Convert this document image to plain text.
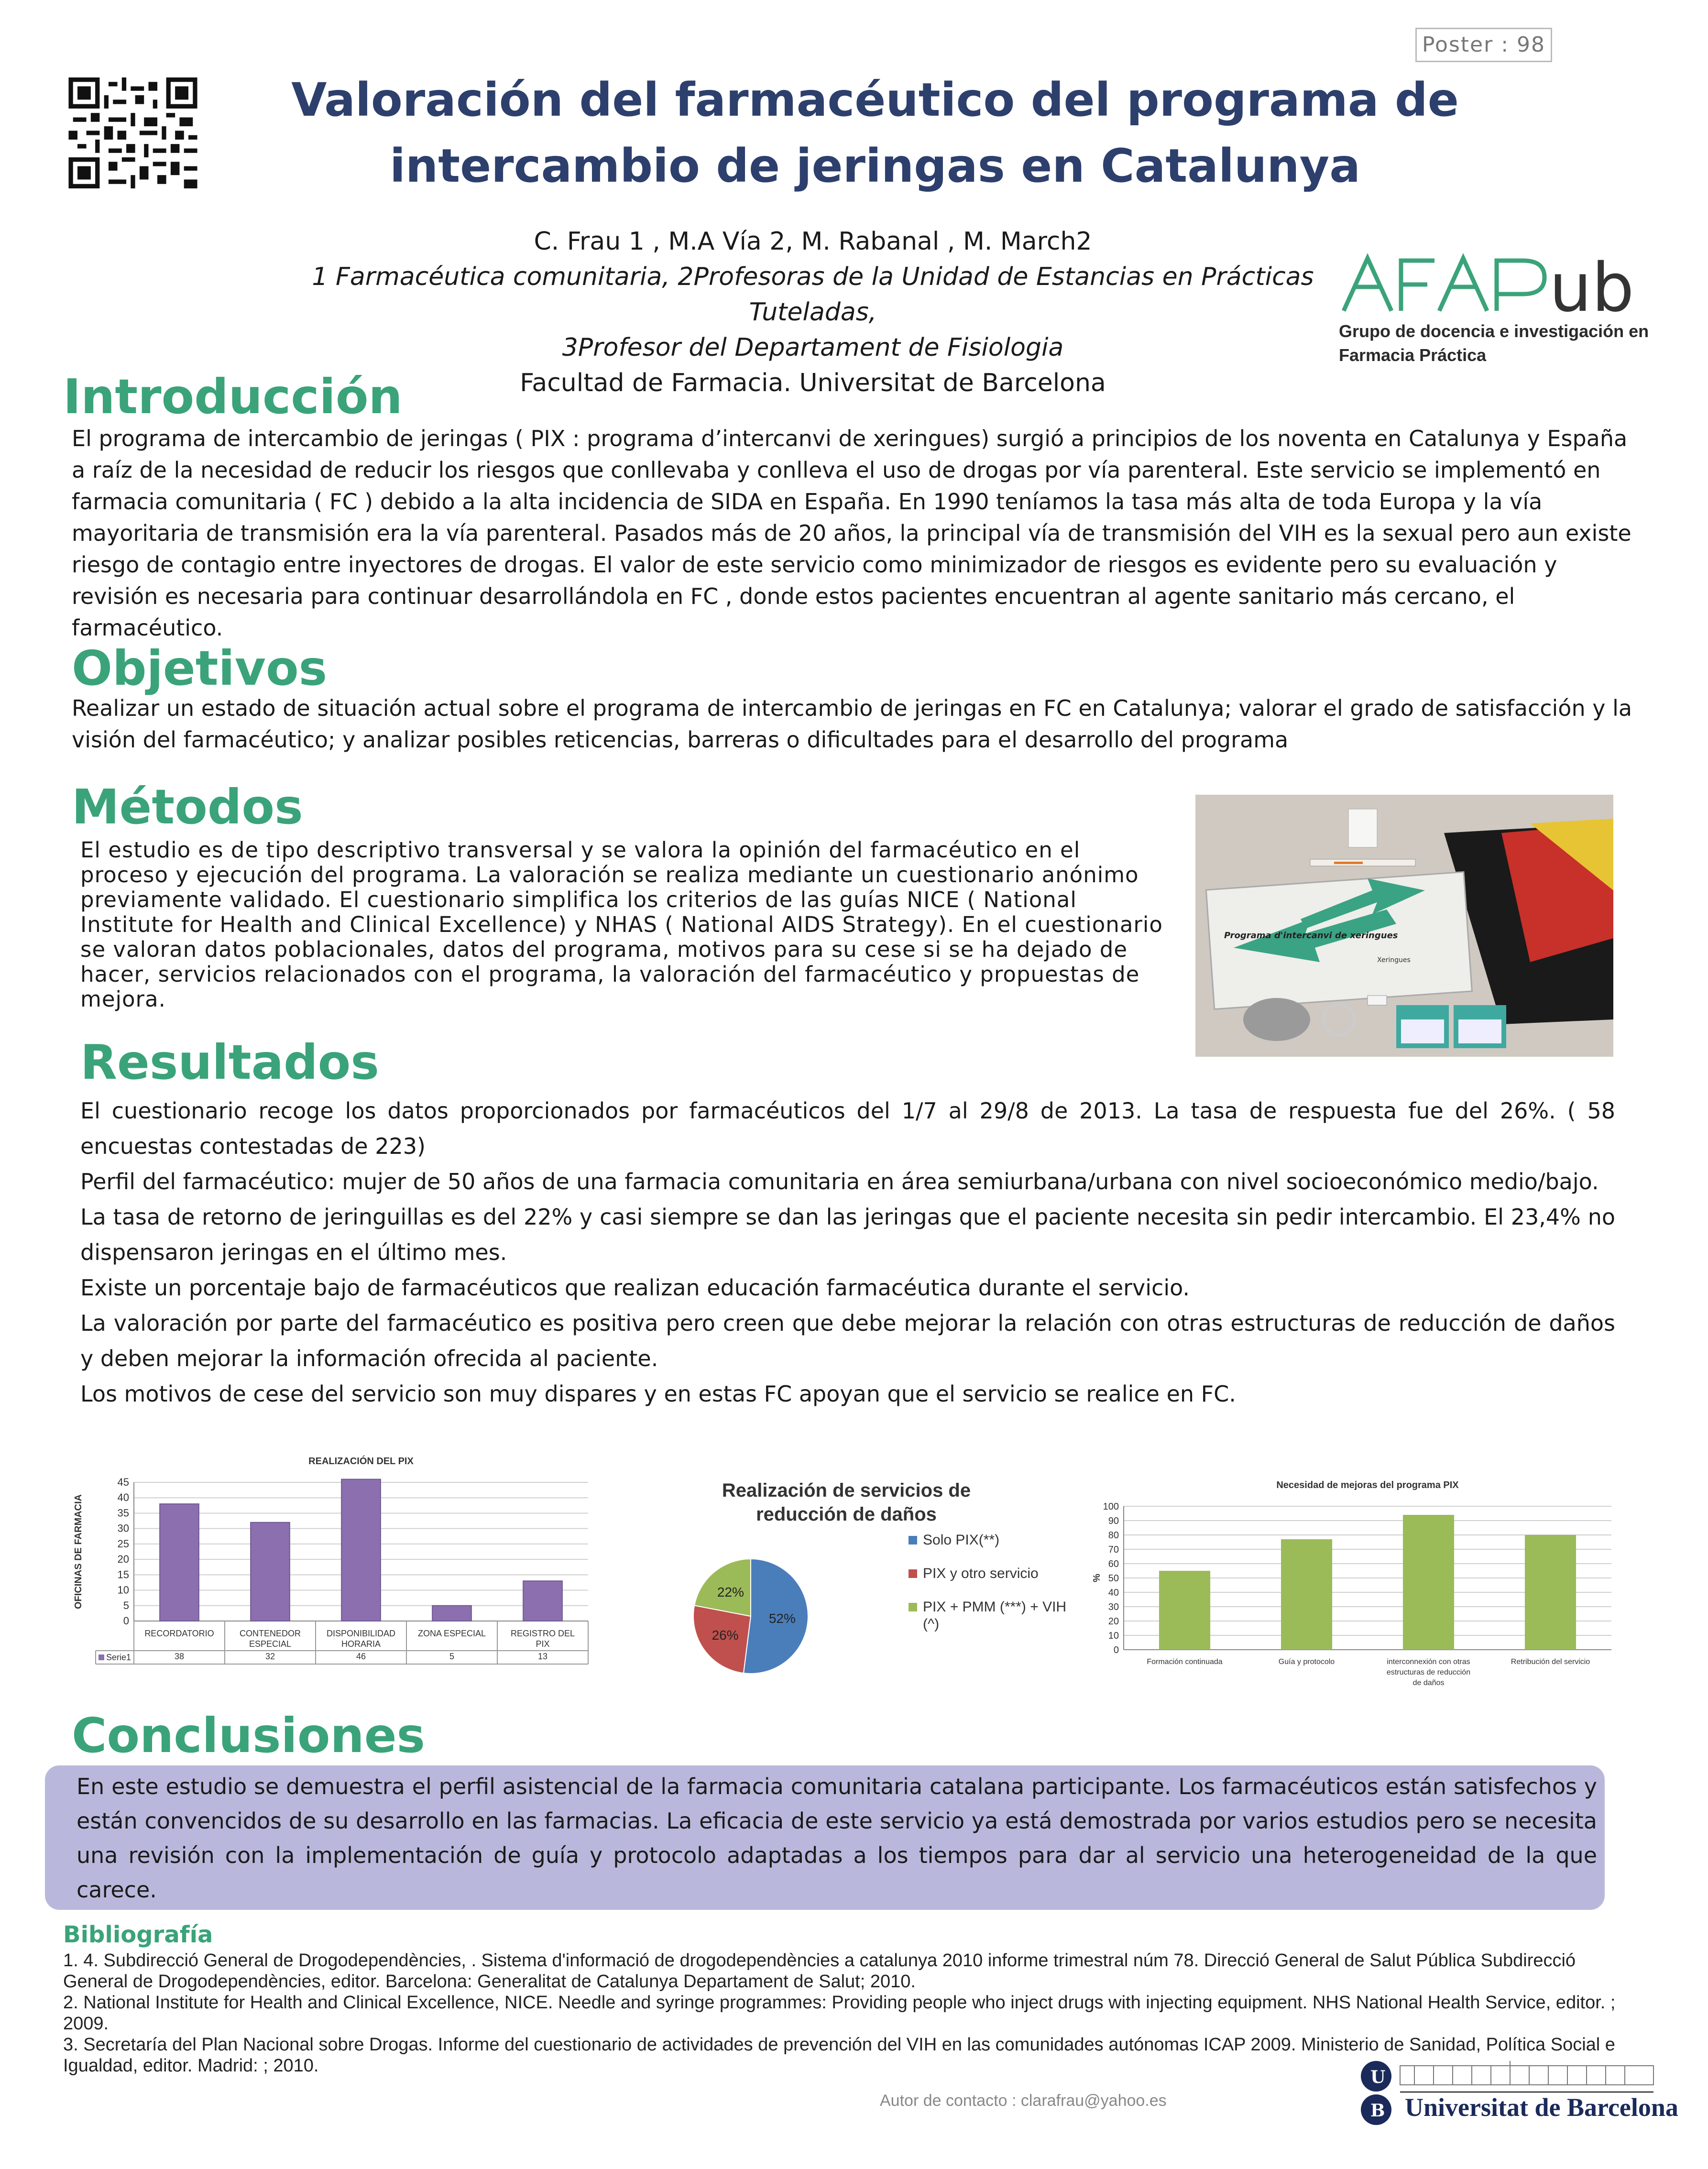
Poster : 98
Valoración del farmacéutico del programa de intercambio de jeringas en Catalunya
C. Frau 1 , M.A Vía 2, M. Rabanal , M. March2
1 Farmacéutica comunitaria, 2Profesoras de la Unidad de Estancias en Prácticas Tuteladas,
3Profesor del Departament de Fisiologia
Facultad de Farmacia. Universitat de Barcelona
ub
Grupo de docencia e investigación en
Farmacia Práctica
Introducción
El programa de intercambio de jeringas ( PIX : programa d’intercanvi de xeringues) surgió a principios de los noventa en Catalunya y España a raíz de la necesidad de reducir los riesgos que conllevaba y conlleva el uso de drogas por vía parenteral. Este servicio se implementó en farmacia comunitaria ( FC ) debido a la alta incidencia de SIDA en España. En 1990 teníamos la tasa más alta de toda Europa y la vía mayoritaria de transmisión era la vía parenteral. Pasados más de 20 años, la principal vía de transmisión del VIH es la sexual pero aun existe riesgo de contagio entre inyectores de drogas. El valor de este servicio como minimizador de riesgos es evidente pero su evaluación y revisión es necesaria para continuar desarrollándola en FC , donde estos pacientes encuentran al agente sanitario más cercano, el farmacéutico.
Objetivos
Realizar un estado de situación actual sobre el programa de intercambio de jeringas en FC en Catalunya; valorar el grado de satisfacción y la visión del farmacéutico; y analizar posibles reticencias, barreras o dificultades para el desarrollo del programa
Métodos
El estudio es de tipo descriptivo transversal y se valora la opinión del farmacéutico en el proceso y ejecución del programa. La valoración se realiza mediante un cuestionario anónimo previamente validado. El cuestionario simplifica los criterios de las guías NICE ( National Institute for Health and Clinical Excellence) y NHAS ( National AIDS Strategy). En el cuestionario se valoran datos poblacionales, datos del programa, motivos para su cese si se ha dejado de hacer, servicios relacionados con el programa, la valoración del farmacéutico y propuestas de mejora.
Programa d'intercanvi de xeringues
Xeringues
Resultados

El cuestionario recoge los datos proporcionados por farmacéuticos del 1/7 al 29/8 de 2013. La tasa de respuesta fue del 26%. ( 58 encuestas contestadas de 223)

Perfil del farmacéutico: mujer de 50 años de una farmacia comunitaria en área semiurbana/urbana con nivel socioeconómico medio/bajo.

La tasa de retorno de jeringuillas es del 22% y casi siempre se dan las jeringas que el paciente necesita sin pedir intercambio. El 23,4% no dispensaron jeringas en el último mes.

Existe un porcentaje bajo de farmacéuticos que realizan educación farmacéutica durante el servicio.

La valoración por parte del farmacéutico es positiva pero creen que debe mejorar la relación con otras estructuras de reducción de daños y deben mejorar la información ofrecida al paciente.

Los motivos de cese del servicio son muy dispares y en estas FC apoyan que el servicio se realice en FC.

REALIZACIÓN DEL PIX
0
5
10
15
20
25
30
35
40
45
OFICINAS DE FARMACIA
RECORDATORIO
38
CONTENEDOR
ESPECIAL
32
DISPONIBILIDAD
HORARIA
46
ZONA ESPECIAL
5
REGISTRO DEL
PIX
13
Serie1
Realización de servicios de
reducción de daños
52%
Solo PIX(**)
26%
PIX y otro servicio
22%
PIX + PMM (***) + VIH
(^)
Necesidad de mejoras del programa PIX
0
10
20
30
40
50
60
70
80
90
100
%
Formación continuada	Guía y protocolo	interconnexión con otras
estructuras de reducción
de daños
Retribución del servicio
Conclusiones
En este estudio se demuestra el perfil asistencial de la farmacia comunitaria catalana participante. Los farmacéuticos están satisfechos y están convencidos de su desarrollo en las farmacias. La eficacia de este servicio ya está demostrada por varios estudios pero se necesita una revisión con la implementación de guía y protocolo adaptadas a los tiempos para dar al servicio una heterogeneidad de la que carece.
Bibliografía

1. 4. Subdirecció General de Drogodependències, . Sistema d'informació de drogodependències a catalunya 2010 informe trimestral núm 78. Direcció General de Salut Pública Subdirecció General de Drogodependències, editor. Barcelona: Generalitat de Catalunya Departament de Salut; 2010.

2. National Institute for Health and Clinical Excellence, NICE. Needle and syringe programmes: Providing people who inject drugs with injecting equipment. NHS National Health Service, editor. ; 2009.

3. Secretaría del Plan Nacional sobre Drogas. Informe del cuestionario de actividades de prevención del VIH en las comunidades autónomas ICAP 2009. Ministerio de Sanidad, Política Social e Igualdad, editor. Madrid: ; 2010.

Autor de contacto : clarafrau@yahoo.es
U
B Universitat de Barcelona
